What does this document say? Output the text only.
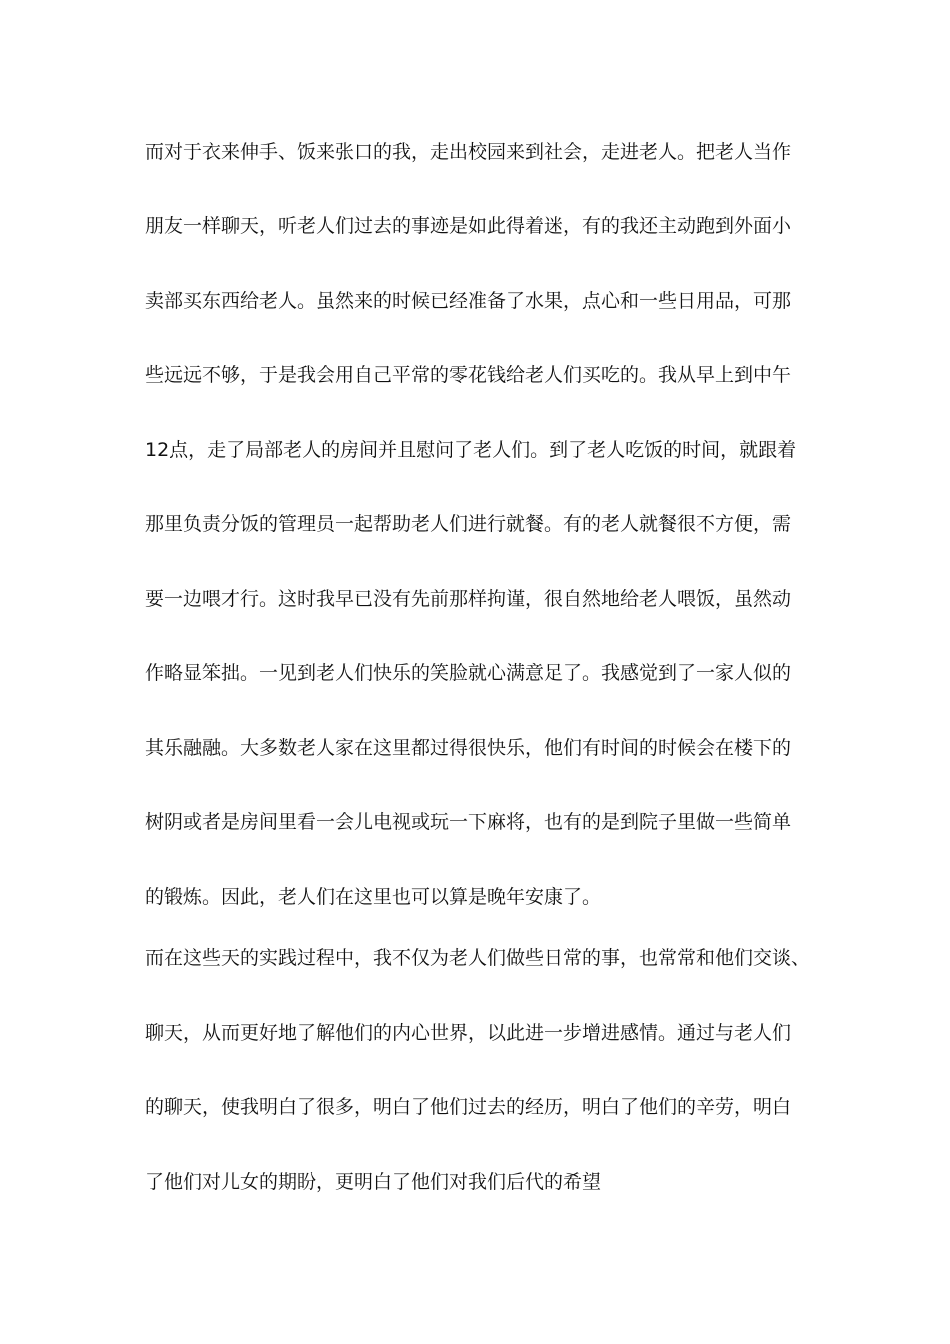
而对于衣来伸手、饭来张口的我，走出校园来到社会，走进老人。把老人当作
朋友一样聊天，听老人们过去的事迹是如此得着迷，有的我还主动跑到外面小
卖部买东西给老人。虽然来的时候已经准备了水果，点心和一些日用品，可那
些远远不够，于是我会用自己平常的零花钱给老人们买吃的。我从早上到中午
12点，走了局部老人的房间并且慰问了老人们。到了老人吃饭的时间，就跟着
那里负责分饭的管理员一起帮助老人们进行就餐。有的老人就餐很不方便，需
要一边喂才行。这时我早已没有先前那样拘谨，很自然地给老人喂饭，虽然动
作略显笨拙。一见到老人们快乐的笑脸就心满意足了。我感觉到了一家人似的
其乐融融。大多数老人家在这里都过得很快乐，他们有时间的时候会在楼下的
树阴或者是房间里看一会儿电视或玩一下麻将，也有的是到院子里做一些简单
的锻炼。因此，老人们在这里也可以算是晚年安康了。
而在这些天的实践过程中，我不仅为老人们做些日常的事，也常常和他们交谈、
聊天，从而更好地了解他们的内心世界，以此进一步增进感情。通过与老人们
的聊天，使我明白了很多，明白了他们过去的经历，明白了他们的辛劳，明白
了他们对儿女的期盼，更明白了他们对我们后代的希望
